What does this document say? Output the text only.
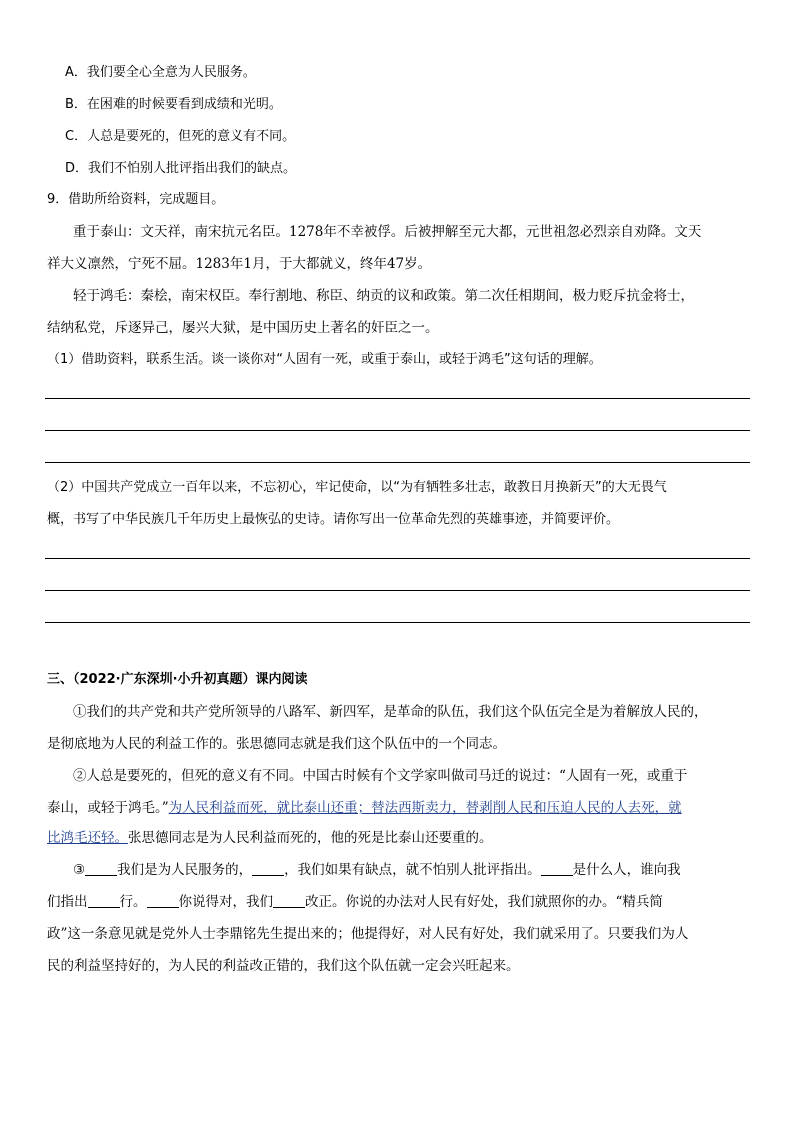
A．我们要全心全意为人民服务。
B．在困难的时候要看到成绩和光明。
C．人总是要死的，但死的意义有不同。
D．我们不怕别人批评指出我们的缺点。
9．借助所给资料，完成题目。
重于泰山：文天祥，南宋抗元名臣。1278年不幸被俘。后被押解至元大都，元世祖忽必烈亲自劝降。文天
祥大义凛然，宁死不屈。1283年1月，于大都就义，终年47岁。
轻于鸿毛：秦桧，南宋权臣。奉行割地、称臣、纳贡的议和政策。第二次任相期间，极力贬斥抗金将士，
结纳私党，斥逐异己，屡兴大狱，是中国历史上著名的奸臣之一。
（1）借助资料，联系生活。谈一谈你对“人固有一死，或重于泰山，或轻于鸿毛”这句话的理解。
（2）中国共产党成立一百年以来，不忘初心，牢记使命，以“为有牺牲多壮志，敢教日月换新天”的大无畏气
概，书写了中华民族几千年历史上最恢弘的史诗。请你写出一位革命先烈的英雄事迹，并简要评价。
三、（2022·广东深圳·小升初真题）课内阅读
①我们的共产党和共产党所领导的八路军、新四军，是革命的队伍，我们这个队伍完全是为着解放人民的，
是彻底地为人民的利益工作的。张思德同志就是我们这个队伍中的一个同志。
②人总是要死的，但死的意义有不同。中国古时候有个文学家叫做司马迁的说过：“人固有一死，或重于
泰山，或轻于鸿毛。”为人民利益而死，就比泰山还重；替法西斯卖力，替剥削人民和压迫人民的人去死，就
比鸿毛还轻。张思德同志是为人民利益而死的，他的死是比泰山还要重的。
③ 我们是为人民服务的， ，我们如果有缺点，就不怕别人批评指出。 是什么人，谁向我
们指出 行。 你说得对，我们 改正。你说的办法对人民有好处，我们就照你的办。“精兵简
政”这一条意见就是党外人士李鼎铭先生提出来的；他提得好，对人民有好处，我们就采用了。只要我们为人
民的利益坚持好的，为人民的利益改正错的，我们这个队伍就一定会兴旺起来。
